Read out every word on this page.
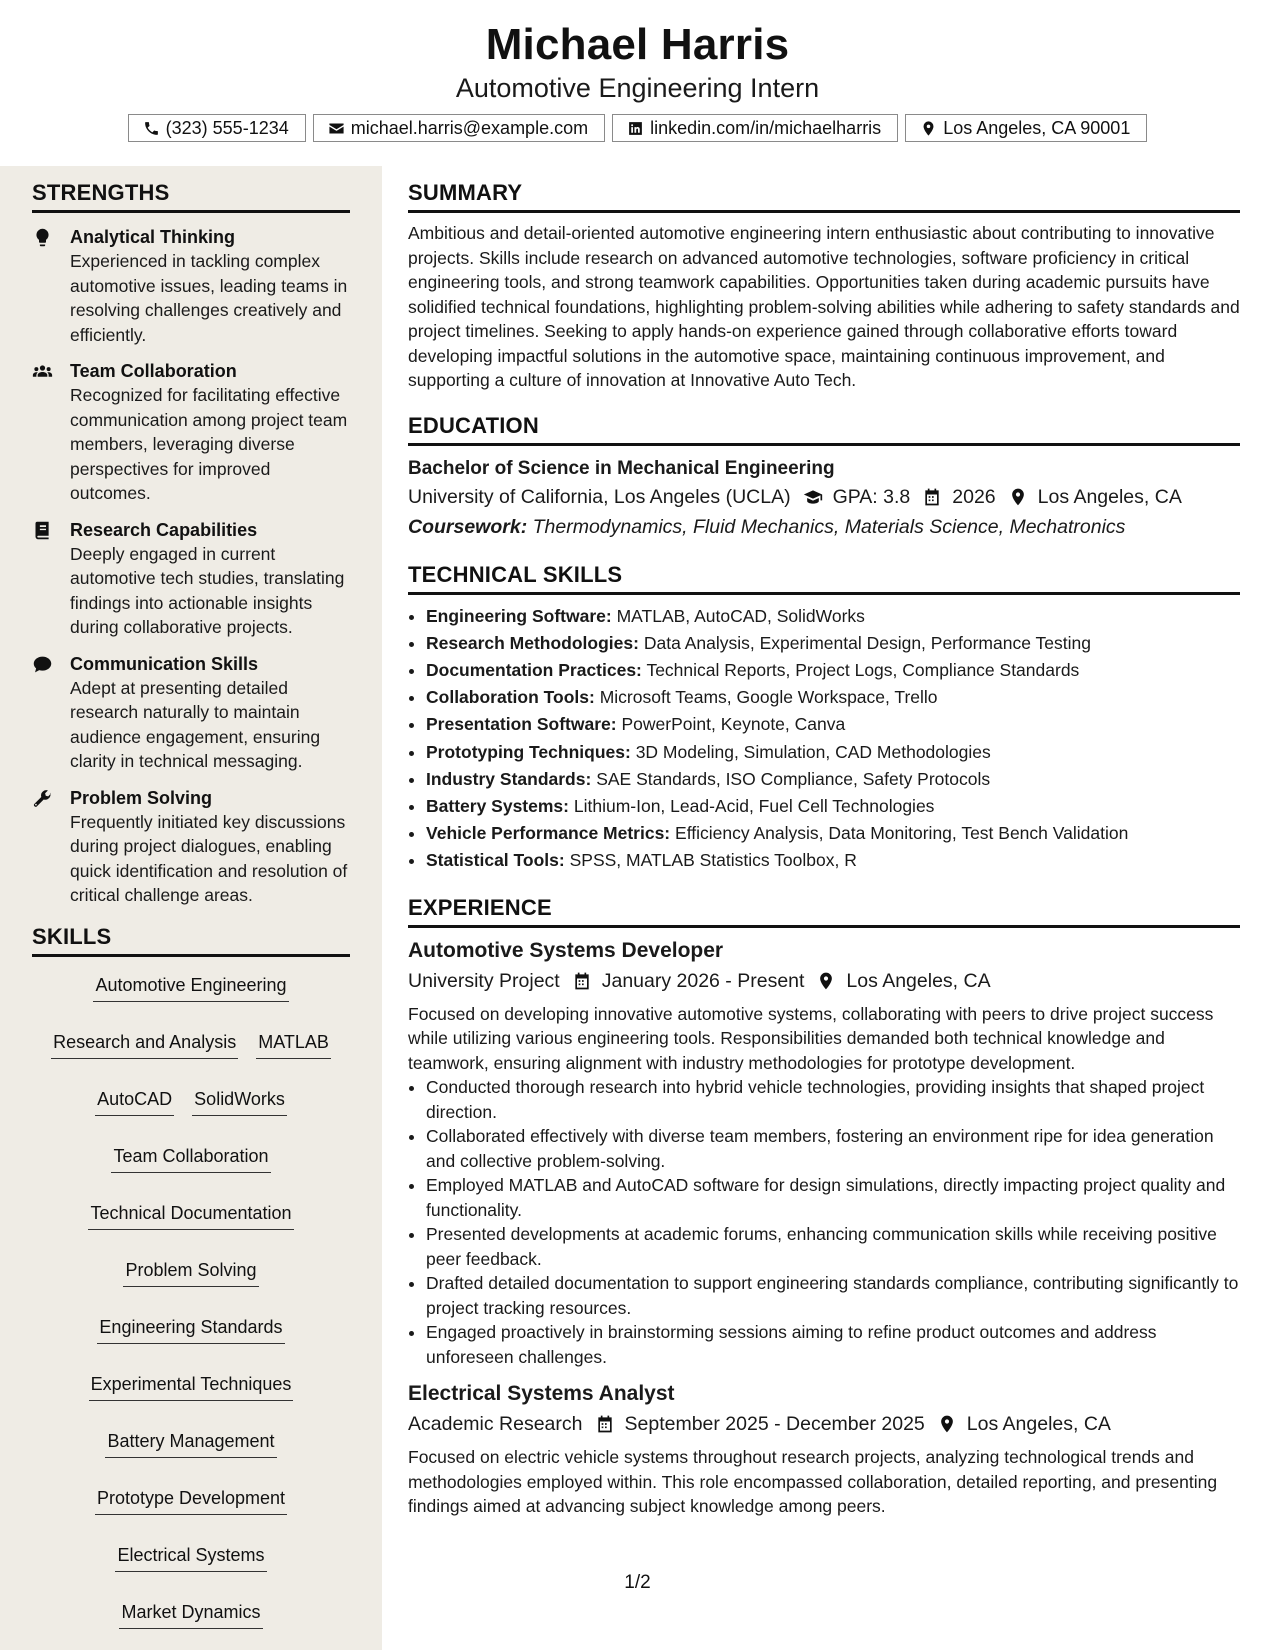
Michael Harris
Automotive Engineering Intern
(323) 555-1234	michael.harris@example.com	linkedin.com/in/michaelharris	Los Angeles, CA 90001
STRENGTHS
Analytical Thinking
Experienced in tackling complex automotive issues, leading teams in resolving challenges creatively and efficiently.
Team Collaboration
Recognized for facilitating effective communication among project team members, leveraging diverse perspectives for improved outcomes.
Research Capabilities
Deeply engaged in current automotive tech studies, translating findings into actionable insights during collaborative projects.
Communication Skills
Adept at presenting detailed research naturally to maintain audience engagement, ensuring clarity in technical messaging.
Problem Solving
Frequently initiated key discussions during project dialogues, enabling quick identification and resolution of critical challenge areas.
SKILLS
Automotive Engineering
Research and Analysis MATLAB
AutoCAD SolidWorks
Team Collaboration
Technical Documentation
Problem Solving
Engineering Standards
Experimental Techniques
Battery Management
Prototype Development
Electrical Systems
Market Dynamics
SUMMARY

Ambitious and detail-oriented automotive engineering intern enthusiastic about contributing to innovative projects. Skills include research on advanced automotive technologies, software proficiency in critical engineering tools, and strong teamwork capabilities. Opportunities taken during academic pursuits have solidified technical foundations, highlighting problem-solving abilities while adhering to safety standards and project timelines. Seeking to apply hands-on experience gained through collaborative efforts toward developing impactful solutions in the automotive space, maintaining continuous improvement, and supporting a culture of innovation at Innovative Auto Tech.

EDUCATION
Bachelor of Science in Mechanical Engineering
University of California, Los Angeles (UCLA) GPA: 3.8 2026 Los Angeles, CA
Coursework: Thermodynamics, Fluid Mechanics, Materials Science, Mechatronics
TECHNICAL SKILLS
• Engineering Software: MATLAB, AutoCAD, SolidWorks
• Research Methodologies: Data Analysis, Experimental Design, Performance Testing
• Documentation Practices: Technical Reports, Project Logs, Compliance Standards
• Collaboration Tools: Microsoft Teams, Google Workspace, Trello
• Presentation Software: PowerPoint, Keynote, Canva
• Prototyping Techniques: 3D Modeling, Simulation, CAD Methodologies
• Industry Standards: SAE Standards, ISO Compliance, Safety Protocols
• Battery Systems: Lithium-Ion, Lead-Acid, Fuel Cell Technologies
• Vehicle Performance Metrics: Efficiency Analysis, Data Monitoring, Test Bench Validation
• Statistical Tools: SPSS, MATLAB Statistics Toolbox, R
EXPERIENCE
Automotive Systems Developer
University Project January 2026 - Present Los Angeles, CA

Focused on developing innovative automotive systems, collaborating with peers to drive project success while utilizing various engineering tools. Responsibilities demanded both technical knowledge and teamwork, ensuring alignment with industry methodologies for prototype development.

• Conducted thorough research into hybrid vehicle technologies, providing insights that shaped project direction.
• Collaborated effectively with diverse team members, fostering an environment ripe for idea generation and collective problem-solving.
• Employed MATLAB and AutoCAD software for design simulations, directly impacting project quality and functionality.
• Presented developments at academic forums, enhancing communication skills while receiving positive peer feedback.
• Drafted detailed documentation to support engineering standards compliance, contributing significantly to project tracking resources.
• Engaged proactively in brainstorming sessions aiming to refine product outcomes and address unforeseen challenges.
Electrical Systems Analyst
Academic Research September 2025 - December 2025 Los Angeles, CA

Focused on electric vehicle systems throughout research projects, analyzing technological trends and methodologies employed within. This role encompassed collaboration, detailed reporting, and presenting findings aimed at advancing subject knowledge among peers.

1/2
